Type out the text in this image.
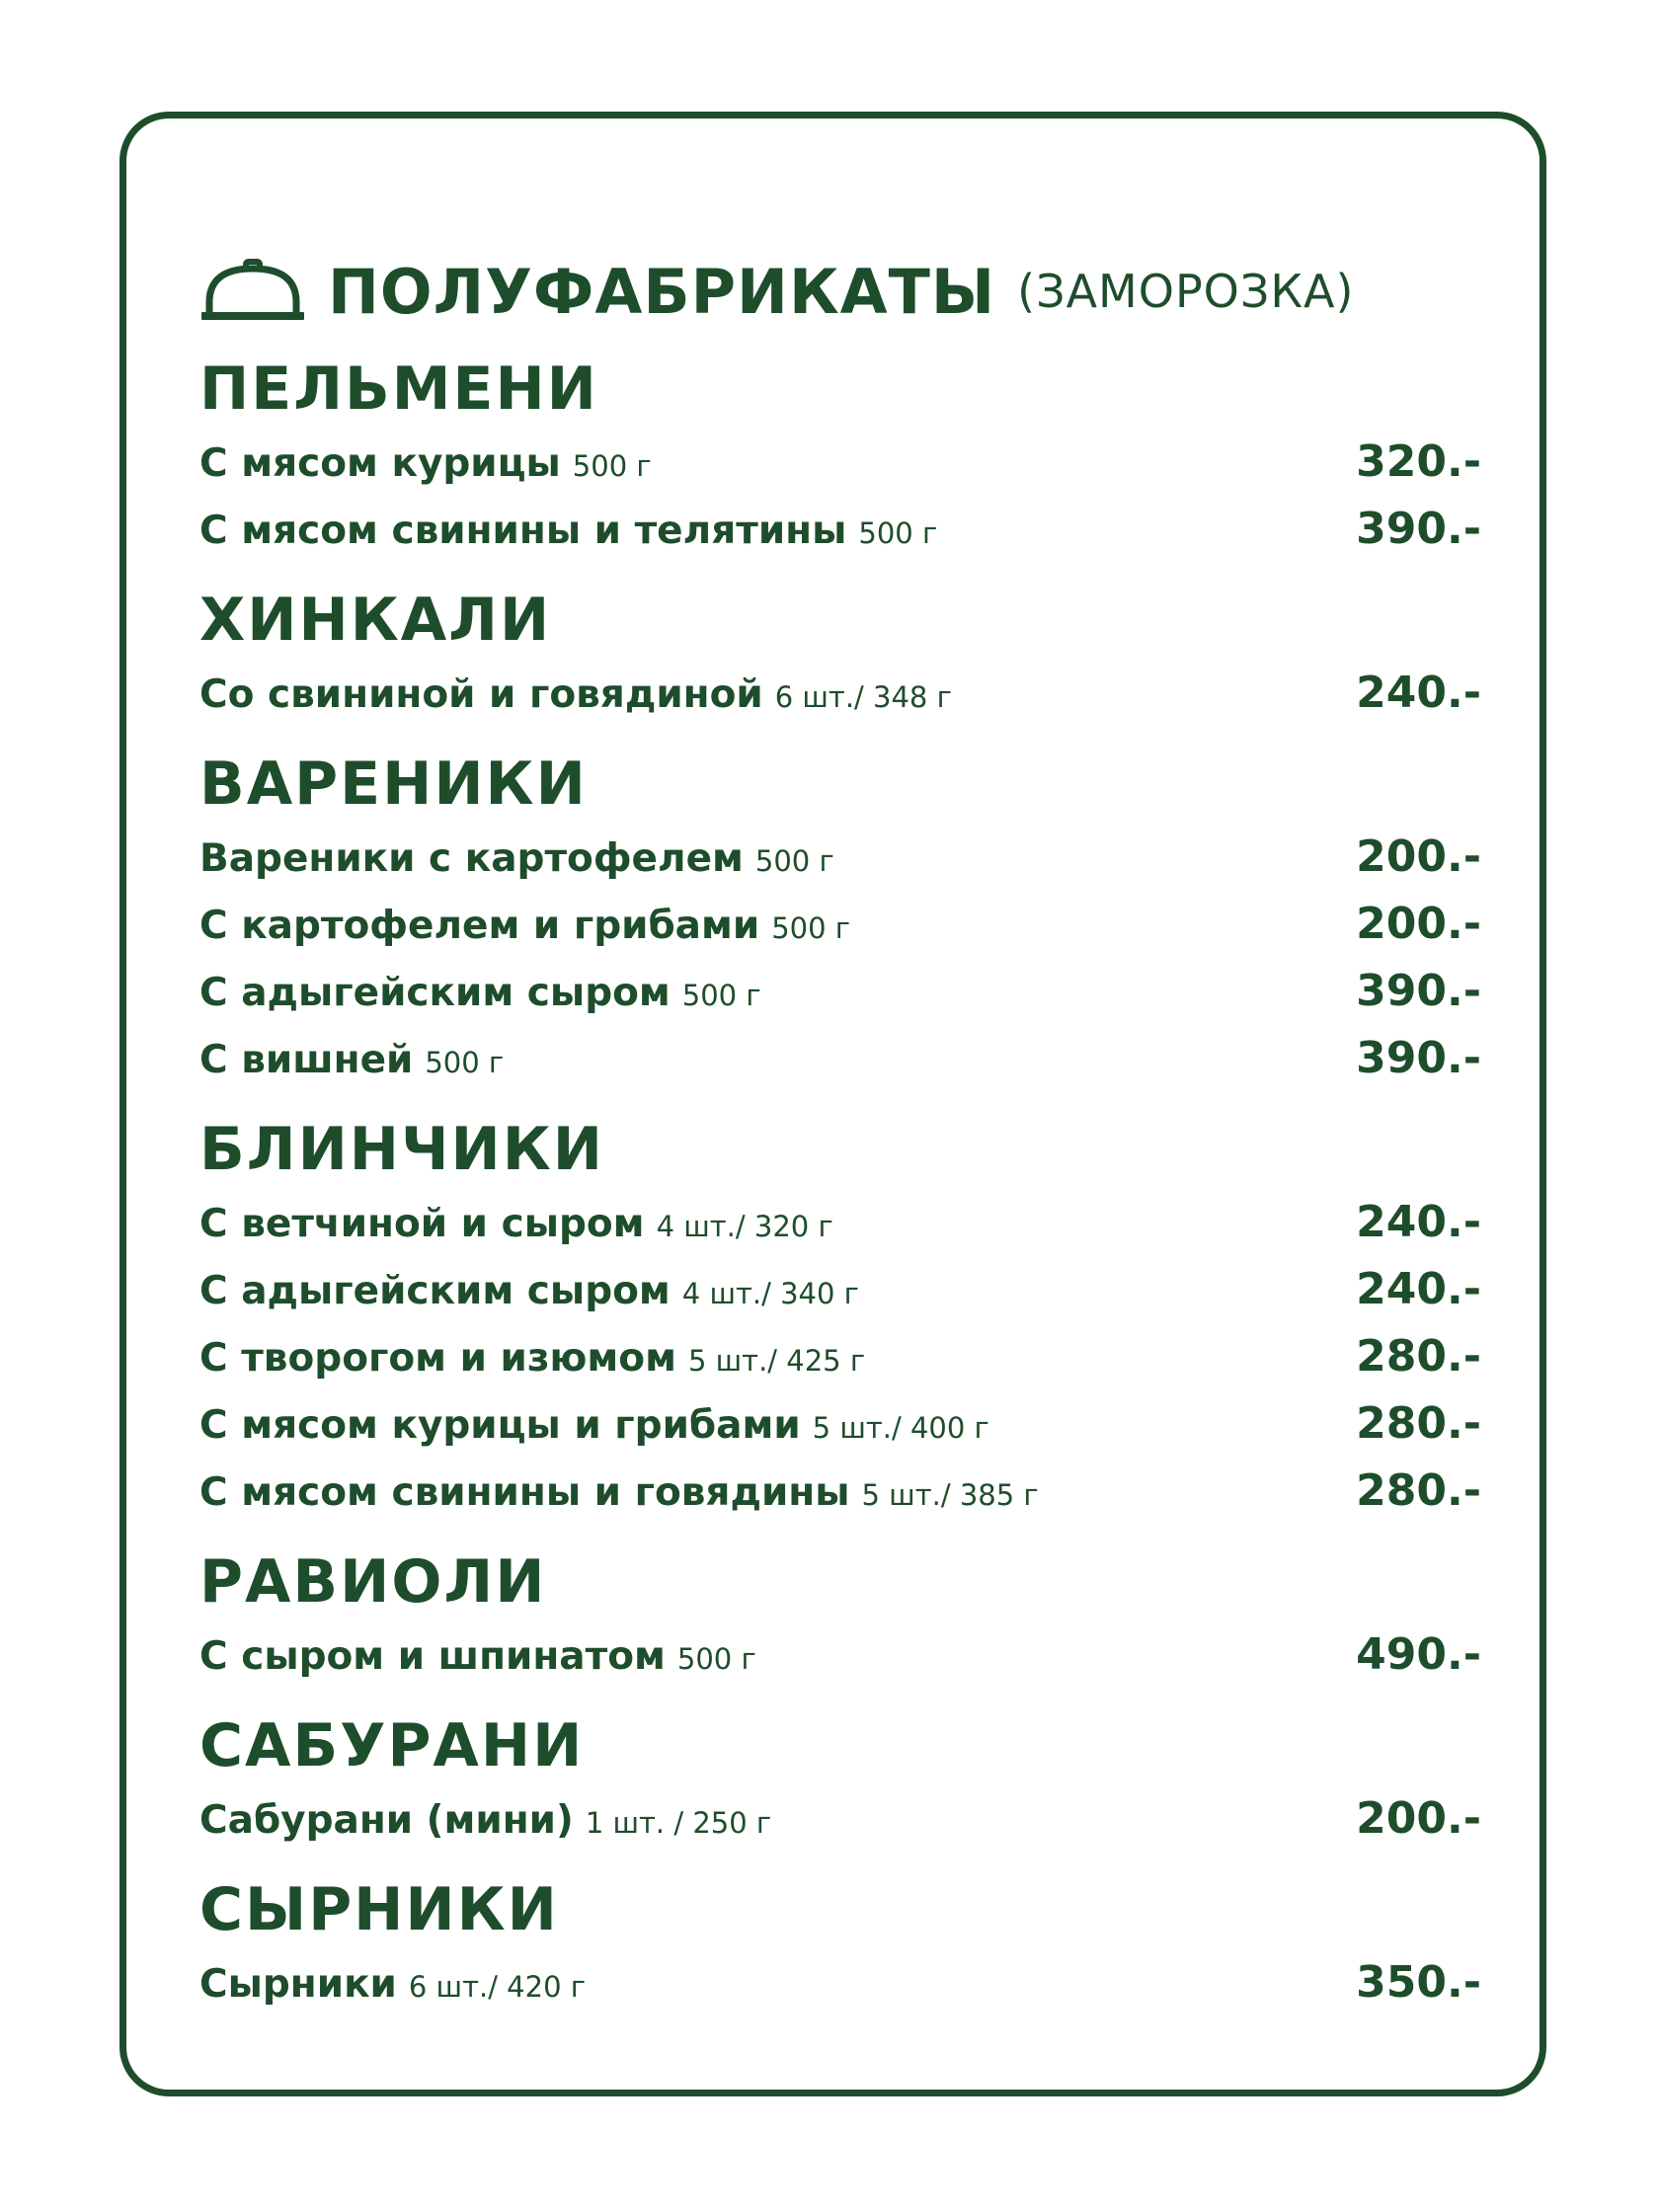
ПОЛУФАБРИКАТЫ (ЗАМОРОЗКА)
ПЕЛЬМЕНИ
С мясом курицы 500 г	320.-
С мясом свинины и телятины 500 г	390.-
ХИНКАЛИ
Со свининой и говядиной 6 шт./ 348 г	240.-
ВАРЕНИКИ
Вареники с картофелем 500 г	200.-
С картофелем и грибами 500 г	200.-
С адыгейским сыром 500 г	390.-
С вишней 500 г	390.-
БЛИНЧИКИ
С ветчиной и сыром 4 шт./ 320 г	240.-
С адыгейским сыром 4 шт./ 340 г	240.-
С творогом и изюмом 5 шт./ 425 г	280.-
С мясом курицы и грибами 5 шт./ 400 г	280.-
С мясом свинины и говядины 5 шт./ 385 г	280.-
РАВИОЛИ
С сыром и шпинатом 500 г	490.-
САБУРАНИ
Сабурани (мини) 1 шт. / 250 г	200.-
СЫРНИКИ
Сырники 6 шт./ 420 г	350.-
